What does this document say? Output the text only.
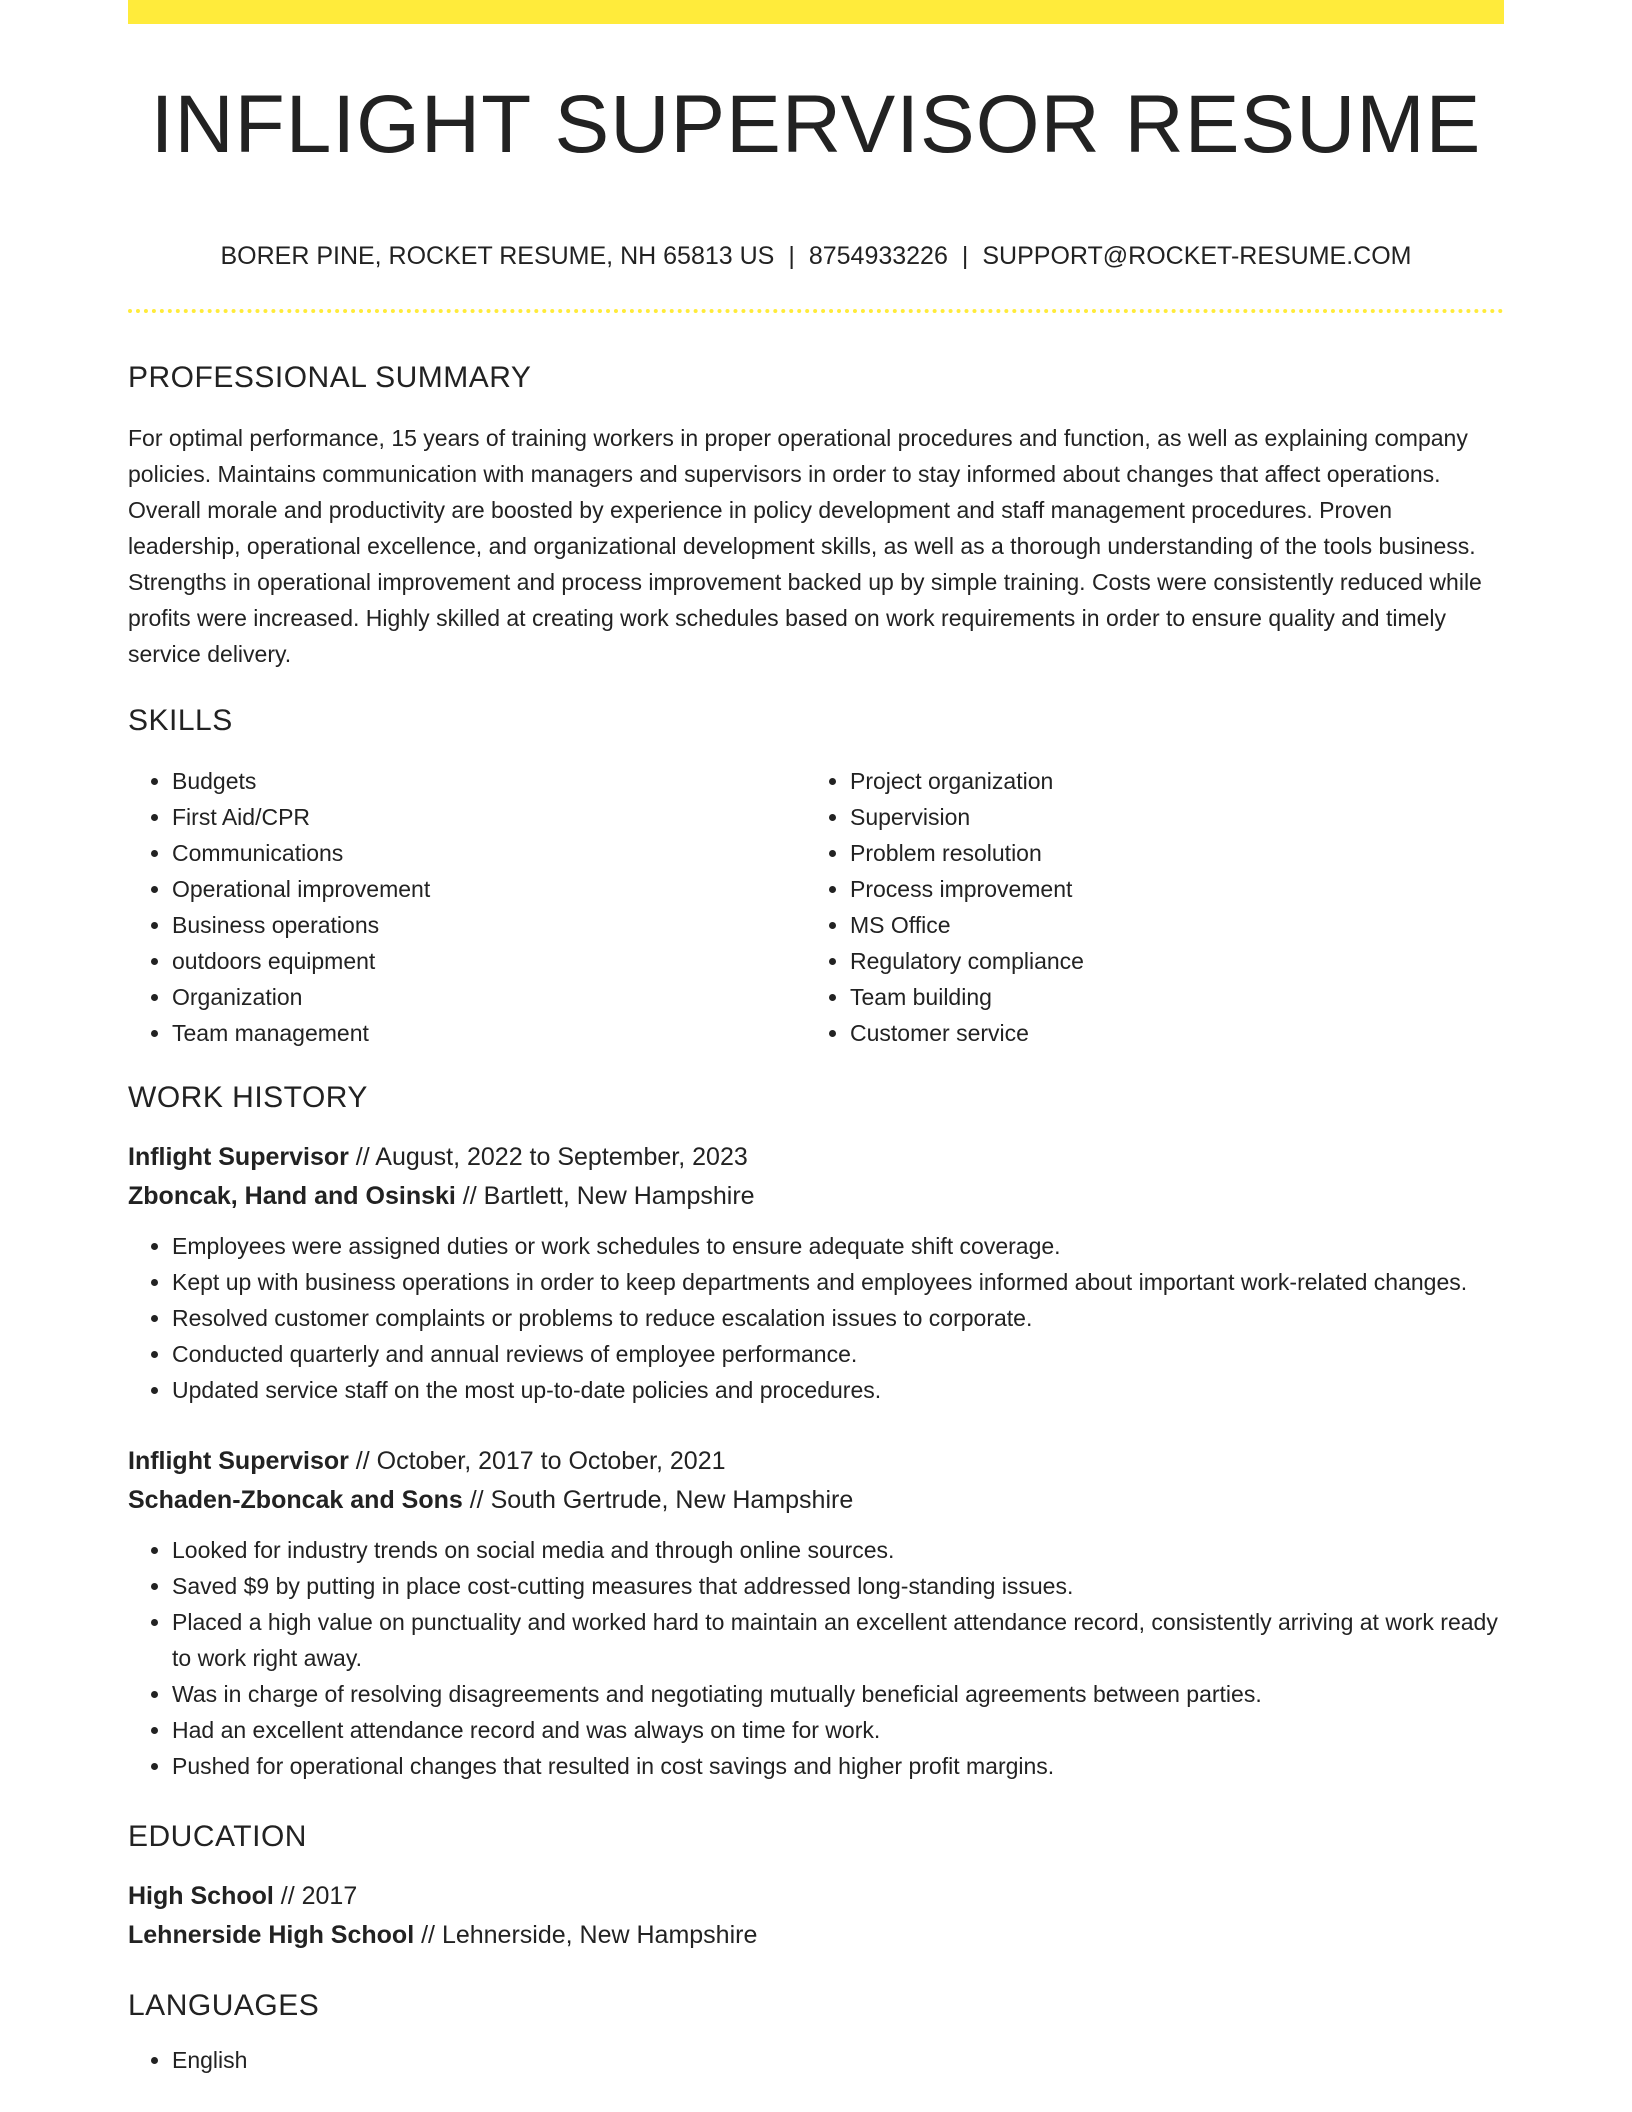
INFLIGHT SUPERVISOR RESUME
BORER PINE, ROCKET RESUME, NH 65813 US | 8754933226 | SUPPORT@ROCKET-RESUME.COM
PROFESSIONAL SUMMARY
For optimal performance, 15 years of training workers in proper operational procedures and function, as well as explaining company policies. Maintains communication with managers and supervisors in order to stay informed about changes that affect operations. Overall morale and productivity are boosted by experience in policy development and staff management procedures. Proven leadership, operational excellence, and organizational development skills, as well as a thorough understanding of the tools business. Strengths in operational improvement and process improvement backed up by simple training. Costs were consistently reduced while profits were increased. Highly skilled at creating work schedules based on work requirements in order to ensure quality and timely service delivery.
SKILLS
• Budgets
• First Aid/CPR
• Communications
• Operational improvement
• Business operations
• outdoors equipment
• Organization
• Team management
• Project organization
• Supervision
• Problem resolution
• Process improvement
• MS Office
• Regulatory compliance
• Team building
• Customer service
WORK HISTORY
Inflight Supervisor // August, 2022 to September, 2023
Zboncak, Hand and Osinski // Bartlett, New Hampshire
• Employees were assigned duties or work schedules to ensure adequate shift coverage.
• Kept up with business operations in order to keep departments and employees informed about important work-related changes.
• Resolved customer complaints or problems to reduce escalation issues to corporate.
• Conducted quarterly and annual reviews of employee performance.
• Updated service staff on the most up-to-date policies and procedures.
Inflight Supervisor // October, 2017 to October, 2021
Schaden-Zboncak and Sons // South Gertrude, New Hampshire
• Looked for industry trends on social media and through online sources.
• Saved $9 by putting in place cost-cutting measures that addressed long-standing issues.
• Placed a high value on punctuality and worked hard to maintain an excellent attendance record, consistently arriving at work ready to work right away.
• Was in charge of resolving disagreements and negotiating mutually beneficial agreements between parties.
• Had an excellent attendance record and was always on time for work.
• Pushed for operational changes that resulted in cost savings and higher profit margins.
EDUCATION
High School // 2017
Lehnerside High School // Lehnerside, New Hampshire
LANGUAGES
• English
